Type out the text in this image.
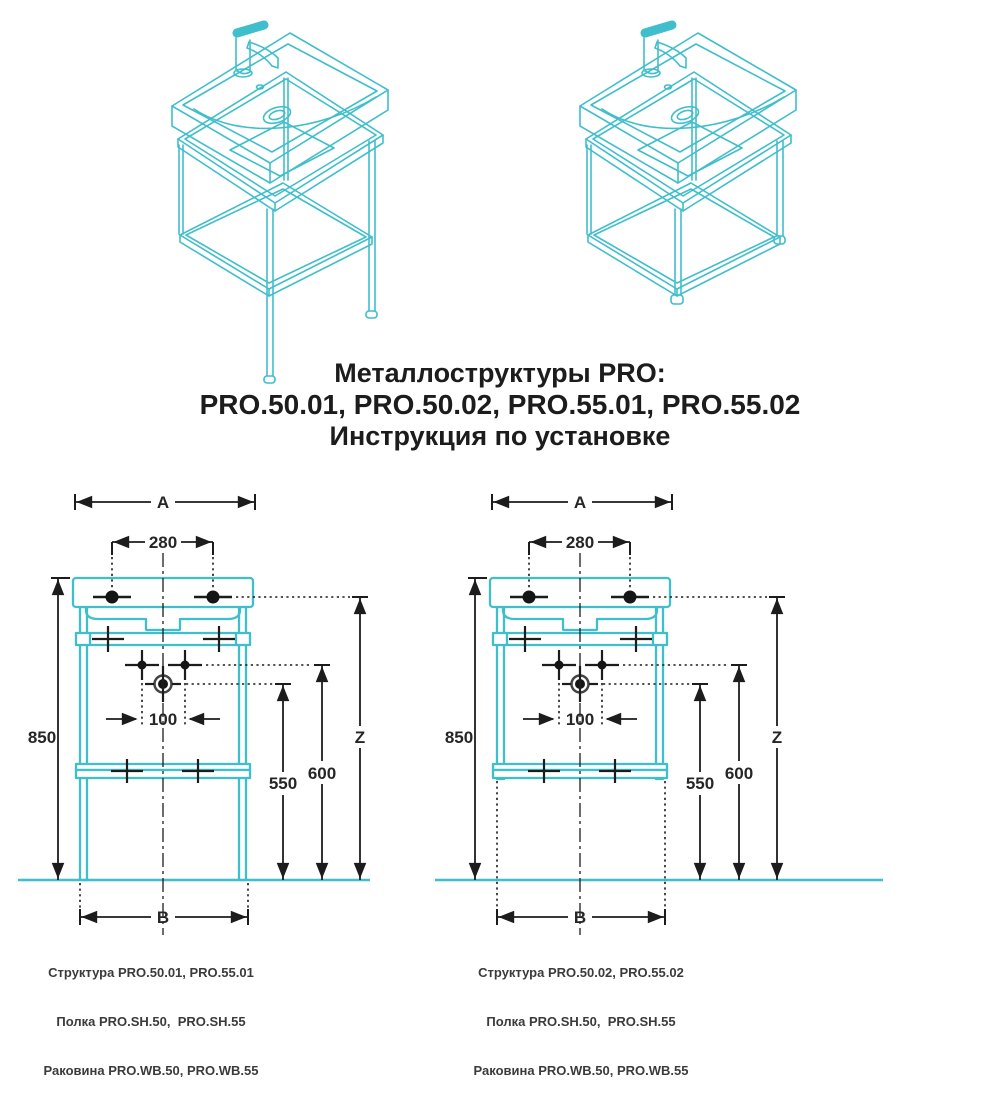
Металлоструктуры PRO:
PRO.50.01, PRO.50.02, PRO.55.01, PRO.55.02
Инструкция по установке
A
280
850
100
550
600
Z
B
A
280
850
100
550
600
Z
B

Структура PRO.50.01, PRO.55.01

Полка PRO.SH.50,  PRO.SH.55

Раковина PRO.WB.50, PRO.WB.55

Структура PRO.50.02, PRO.55.02

Полка PRO.SH.50,  PRO.SH.55

Раковина PRO.WB.50, PRO.WB.55
